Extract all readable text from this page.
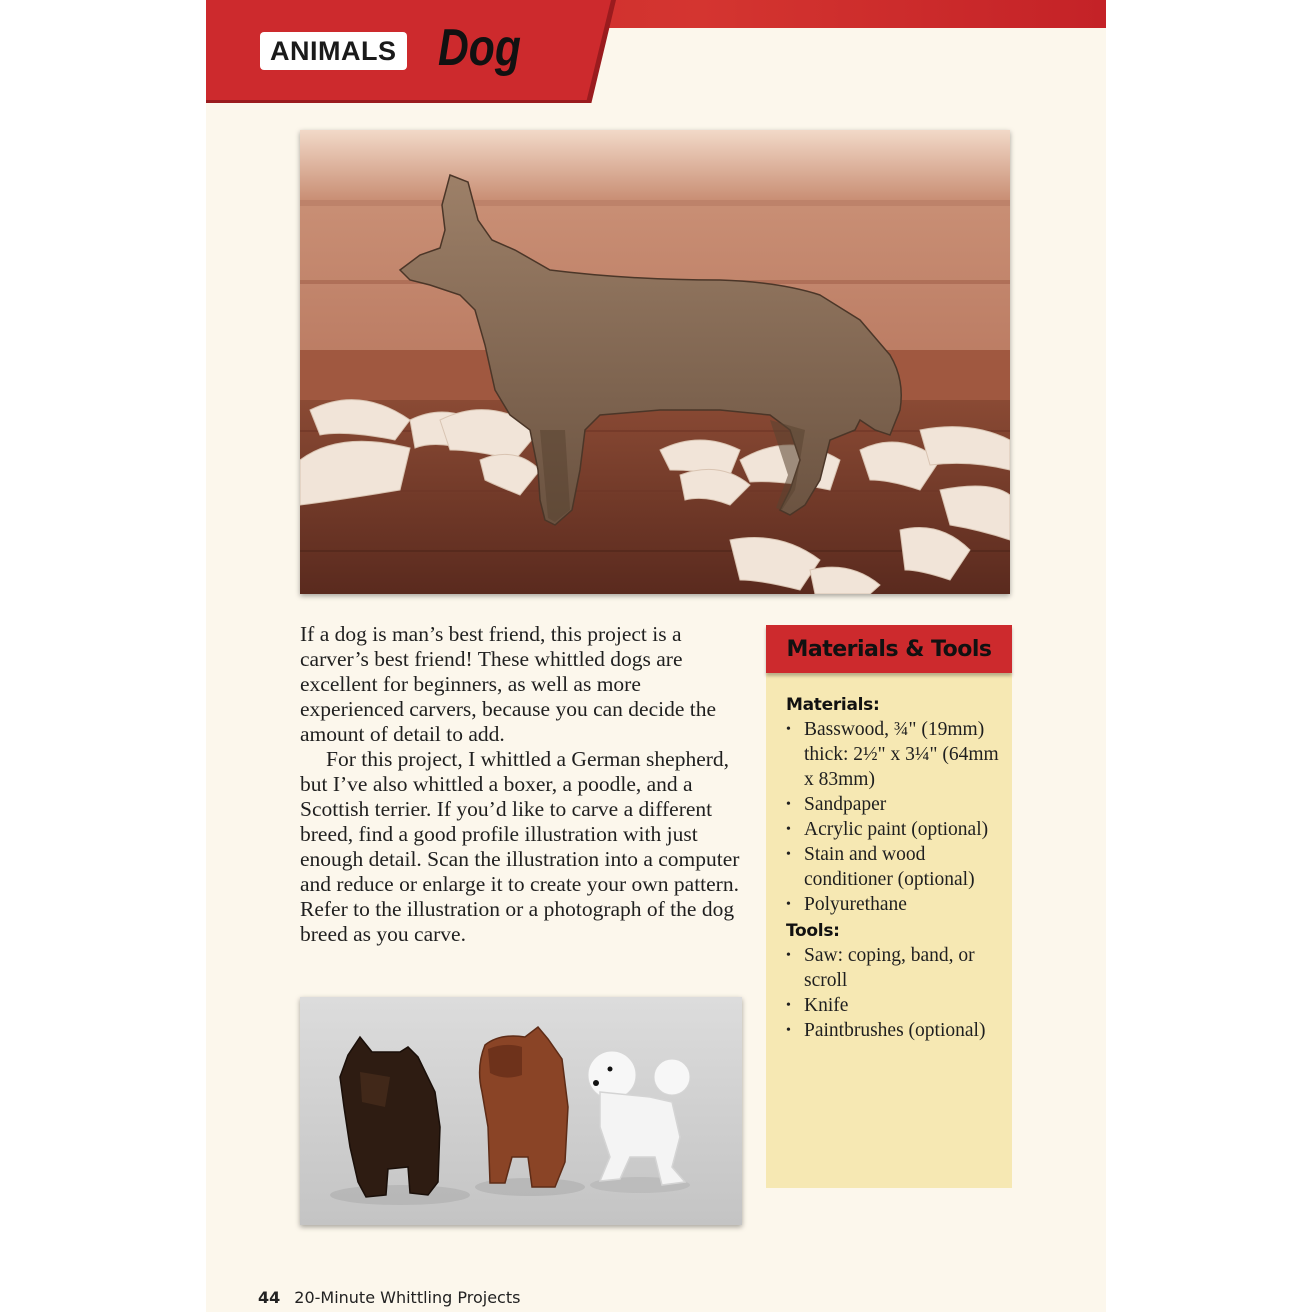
ANIMALS Dog

If a dog is man’s best friend, this project is a carver’s best friend! These whittled dogs are excellent for beginners, as well as more experienced carvers, because you can decide the amount of detail to add.

For this project, I whittled a German shepherd, but I’ve also whittled a boxer, a poodle, and a Scottish terrier. If you’d like to carve a different breed, find a good profile illustration with just enough detail. Scan the illustration into a computer and reduce or enlarge it to create your own pattern. Refer to the illustration or a photograph of the dog breed as you carve.

Materials & Tools
Materials:
• Basswood, ¾" (19mm) thick: 2½" x 3¼" (64mm x 83mm)
• Sandpaper
• Acrylic paint (optional)
• Stain and wood conditioner (optional)
• Polyurethane
Tools:
• Saw: coping, band, or scroll
• Knife
• Paintbrushes (optional)
44 20-Minute Whittling Projects
